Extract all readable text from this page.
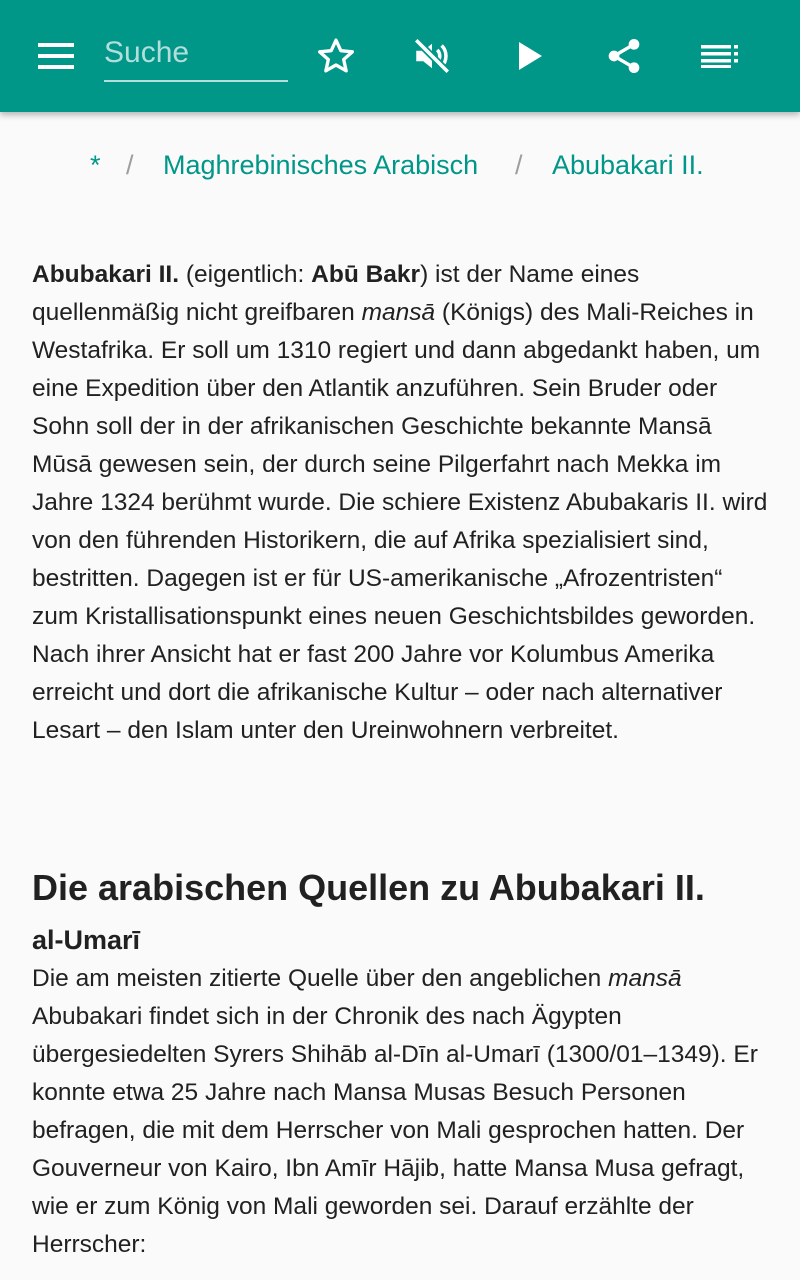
Suche
* / Maghrebinisches Arabisch / Abubakari II.

Abubakari II. (eigentlich: Abū Bakr) ist der Name eines quellenmäßig nicht greifbaren mansā (Königs) des Mali-Reiches in Westafrika. Er soll um 1310 regiert und dann abgedankt haben, um eine Expedition über den Atlantik anzuführen. Sein Bruder oder Sohn soll der in der afrikanischen Geschichte bekannte Mansā Mūsā gewesen sein, der durch seine Pilgerfahrt nach Mekka im Jahre 1324 berühmt wurde. Die schiere Existenz Abubakaris II. wird von den führenden Historikern, die auf Afrika spezialisiert sind, bestritten. Dagegen ist er für US-amerikanische „Afrozentristen“ zum Kristallisationspunkt eines neuen Geschichtsbildes geworden. Nach ihrer Ansicht hat er fast 200 Jahre vor Kolumbus Amerika erreicht und dort die afrikanische Kultur – oder nach alternativer Lesart – den Islam unter den Ureinwohnern verbreitet.

Die arabischen Quellen zu Abubakari II.
al-Umarī

Die am meisten zitierte Quelle über den angeblichen mansā Abubakari findet sich in der Chronik des nach Ägypten übergesiedelten Syrers Shihāb al-Dīn al-Umarī (1300/01–1349). Er konnte etwa 25 Jahre nach Mansa Musas Besuch Personen befragen, die mit dem Herrscher von Mali gesprochen hatten. Der Gouverneur von Kairo, Ibn Amīr Hājib, hatte Mansa Musa gefragt, wie er zum König von Mali geworden sei. Darauf erzählte der Herrscher:
